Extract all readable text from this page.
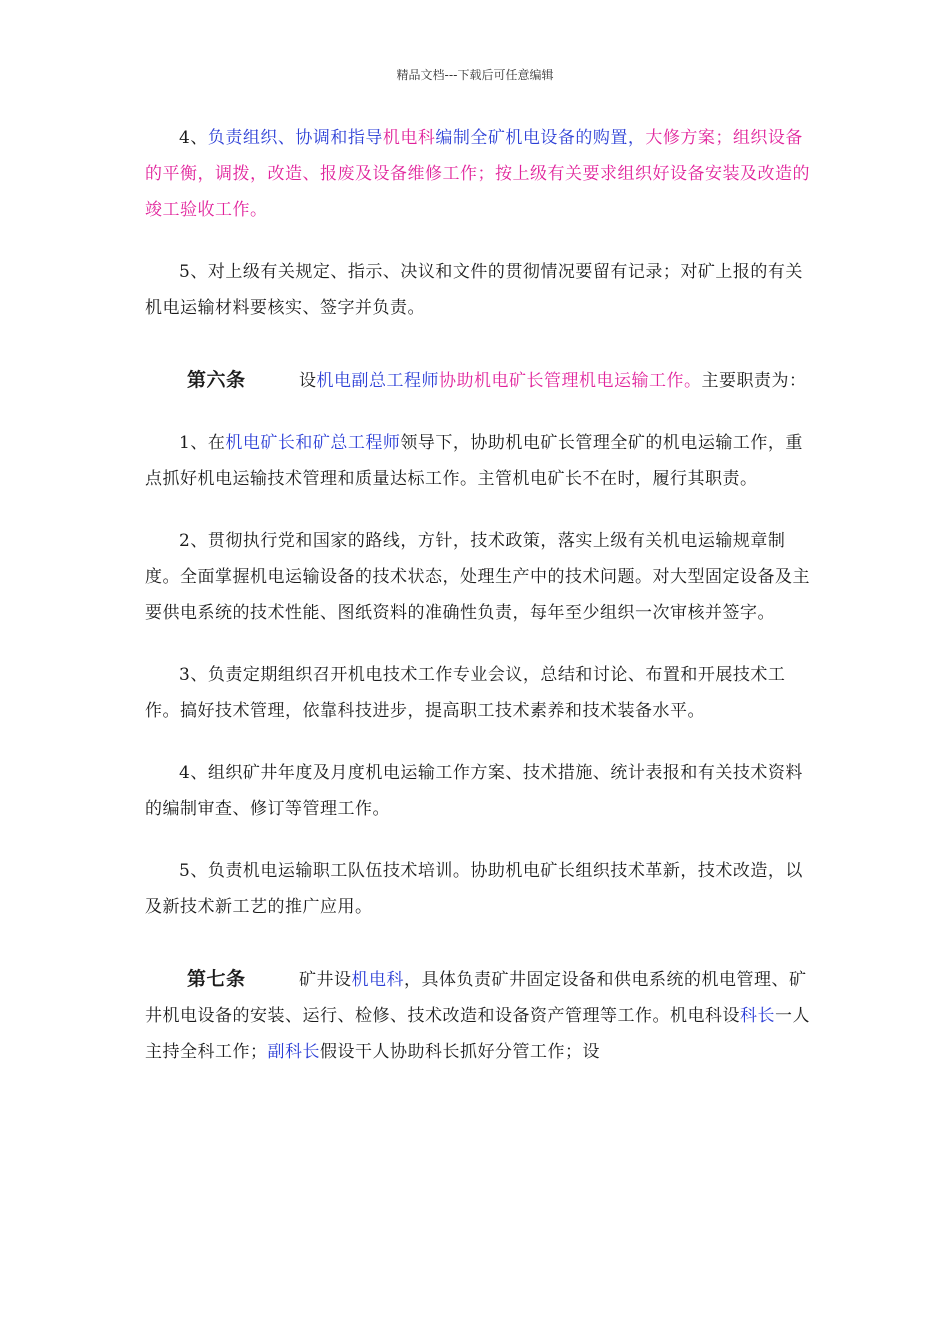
精品文档---下载后可任意编辑

4、负责组织、协调和指导机电科编制全矿机电设备的购置，大修方案；组织设备的平衡，调拨，改造、报废及设备维修工作；按上级有关要求组织好设备安装及改造的竣工验收工作。

5、对上级有关规定、指示、决议和文件的贯彻情况要留有记录；对矿上报的有关机电运输材料要核实、签字并负责。

第六条	设机电副总工程师协助机电矿长管理机电运输工作。主要职责为：

1、在机电矿长和矿总工程师领导下，协助机电矿长管理全矿的机电运输工作，重点抓好机电运输技术管理和质量达标工作。主管机电矿长不在时，履行其职责。

2、贯彻执行党和国家的路线，方针，技术政策，落实上级有关机电运输规章制度。全面掌握机电运输设备的技术状态，处理生产中的技术问题。对大型固定设备及主要供电系统的技术性能、图纸资料的准确性负责，每年至少组织一次审核并签字。

3、负责定期组织召开机电技术工作专业会议，总结和讨论、布置和开展技术工作。搞好技术管理，依靠科技进步，提高职工技术素养和技术装备水平。

4、组织矿井年度及月度机电运输工作方案、技术措施、统计表报和有关技术资料的编制审查、修订等管理工作。

5、负责机电运输职工队伍技术培训。协助机电矿长组织技术革新，技术改造，以及新技术新工艺的推广应用。

第七条	矿井设机电科，具体负责矿井固定设备和供电系统的机电管理、矿井机电设备的安装、运行、检修、技术改造和设备资产管理等工作。机电科设科长一人主持全科工作；副科长假设干人协助科长抓好分管工作；设
